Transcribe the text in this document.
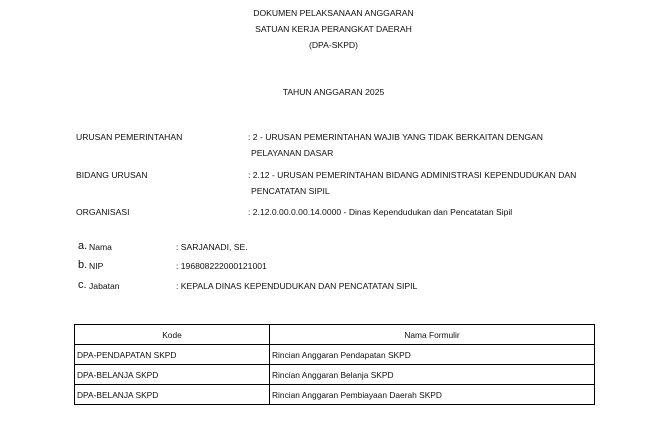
DOKUMEN PELAKSANAAN ANGGARAN
SATUAN KERJA PERANGKAT DAERAH
(DPA-SKPD)
TAHUN ANGGARAN 2025
URUSAN PEMERINTAHAN	: 2 - URUSAN PEMERINTAHAN WAJIB YANG TIDAK BERKAITAN DENGAN
PELAYANAN DASAR
BIDANG URUSAN	: 2.12 - URUSAN PEMERINTAHAN BIDANG ADMINISTRASI KEPENDUDUKAN DAN
PENCATATAN SIPIL
ORGANISASI	: 2.12.0.00.0.00.14.0000 - Dinas Kependudukan dan Pencatatan Sipil
a. Nama	: SARJANADI, SE.
b. NIP	: 196808222000121001
c. Jabatan	: KEPALA DINAS KEPENDUDUKAN DAN PENCATATAN SIPIL
Kode	Nama Formulir
DPA-PENDAPATAN SKPD	Rincian Anggaran Pendapatan SKPD
DPA-BELANJA SKPD	Rincian Anggaran Belanja SKPD
DPA-BELANJA SKPD	Rincian Anggaran Pembiayaan Daerah SKPD
